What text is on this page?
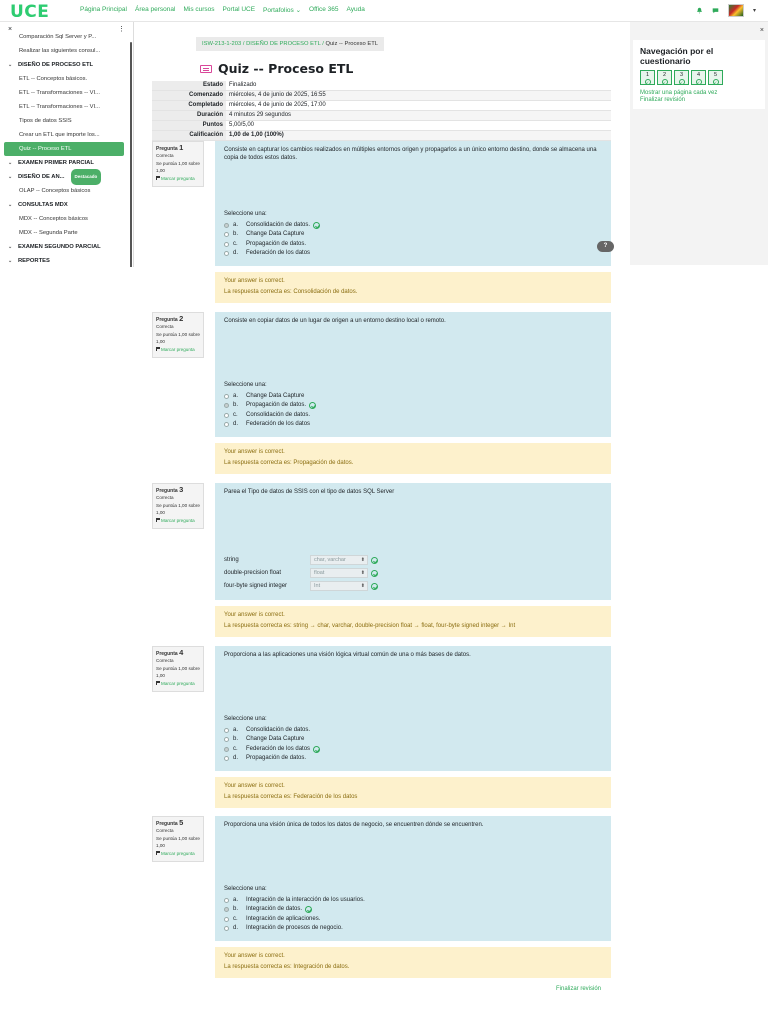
UCE	Página Principal Área personal Mis cursos Portal UCE Portafolios ⌄ Office 365 Ayuda	▾
×	⋮
Comparación Sql Server y P...
Realizar las siguientes consul...
⌄ DISEÑO DE PROCESO ETL
ETL -- Conceptos básicos.
ETL -- Transformaciones -- VI...
ETL -- Transformaciones -- VI...
Tipos de datos SSIS
Crear un ETL que importe los...
Quiz -- Proceso ETL
⌄ EXAMEN PRIMER PARCIAL
⌄ DISEÑO DE AN...	Destacado
OLAP -- Conceptos básicos
⌄ CONSULTAS MDX
MDX -- Conceptos básicos
MDX -- Segunda Parte
⌄ EXAMEN SEGUNDO PARCIAL
⌄ REPORTES
ISW-213-1-203 / DISEÑO DE PROCESO ETL / Quiz -- Proceso ETL
Quiz -- Proceso ETL
Estado	Finalizado
Comenzado	miércoles, 4 de junio de 2025, 16:55
Completado	miércoles, 4 de junio de 2025, 17:00
Duración	4 minutos 29 segundos
Puntos	5,00/5,00
Calificación	1,00 de 1,00 (100%)
Pregunta 1
Correcta
Se puntúa 1,00 sobre 1,00
Marcar pregunta
Consiste en capturar los cambios realizados en múltiples entornos origen y propagarlos a un único entorno destino, donde se almacena una copia de todos estos datos.
Seleccione una:
a.	Consolidación de datos.
b.	Change Data Capture
c.	Propagación de datos.
d.	Federación de los datos
Your answer is correct.
La respuesta correcta es: Consolidación de datos.
Pregunta 2
Correcta
Se puntúa 1,00 sobre 1,00
Marcar pregunta
Consiste en copiar datos de un lugar de origen a un entorno destino local o remoto.
Seleccione una:
a.	Change Data Capture
b.	Propagación de datos.
c.	Consolidación de datos.
d.	Federación de los datos
Your answer is correct.
La respuesta correcta es: Propagación de datos.
Pregunta 3
Correcta
Se puntúa 1,00 sobre 1,00
Marcar pregunta
Parea el Tipo de datos de SSIS con el tipo de datos SQL Server
string	char, varchar ⬍
double-precision float	float ⬍
four-byte signed integer	Int ⬍
Your answer is correct.
La respuesta correcta es: string → char, varchar, double-precision float → float, four-byte signed integer → Int
Pregunta 4
Correcta
Se puntúa 1,00 sobre 1,00
Marcar pregunta
Proporciona a las aplicaciones una visión lógica virtual común de una o más bases de datos.
Seleccione una:
a.	Consolidación de datos.
b.	Change Data Capture
c.	Federación de los datos
d.	Propagación de datos.
Your answer is correct.
La respuesta correcta es: Federación de los datos
Pregunta 5
Correcta
Se puntúa 1,00 sobre 1,00
Marcar pregunta
Proporciona una visión única de todos los datos de negocio, se encuentren dónde se encuentren.
Seleccione una:
a.	Integración de la interacción de los usuarios.
b.	Integración de datos.
c.	Integración de aplicaciones.
d.	Integración de procesos de negocio.
Your answer is correct.
La respuesta correcta es: Integración de datos.
?
×
Navegación por el cuestionario
1
✓
2
✓
3
✓
4
✓
5
✓
Mostrar una página cada vez
Finalizar revisión
Finalizar revisión
